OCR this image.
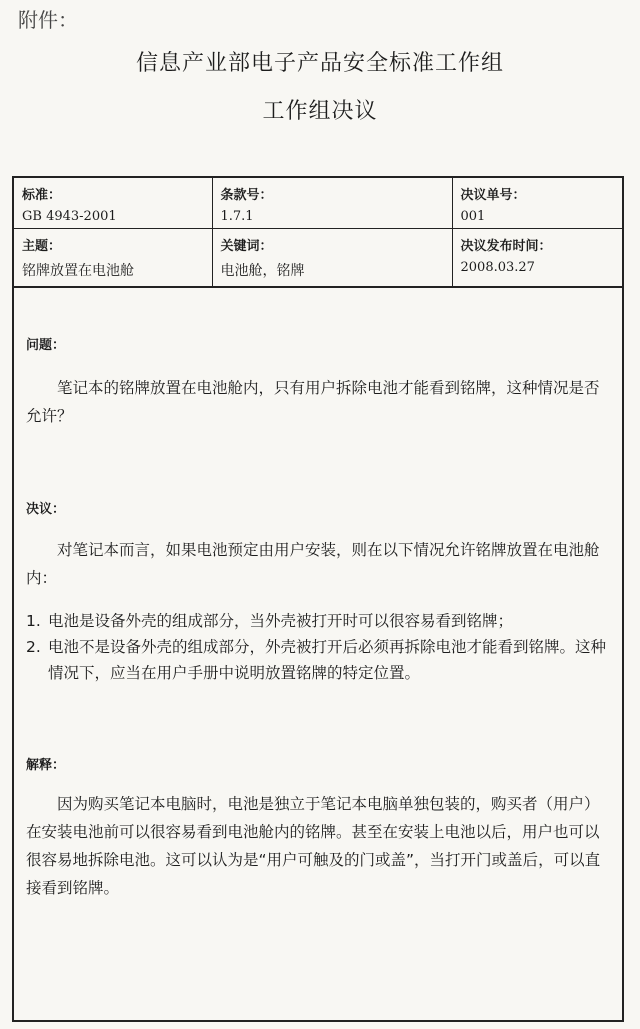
附件：
信息产业部电子产品安全标准工作组
工作组决议
标准：
GB 4943-2001	条款号：
1.7.1	决议单号：
001

主题：
铭牌放置在电池舱	关键词：
电池舱，铭牌	决议发布时间：
2008.03.27
问题：
笔记本的铭牌放置在电池舱内，只有用户拆除电池才能看到铭牌，这种情况是否允许？
决议：
对笔记本而言，如果电池预定由用户安装，则在以下情况允许铭牌放置在电池舱内：
1. 电池是设备外壳的组成部分，当外壳被打开时可以很容易看到铭牌；
2. 电池不是设备外壳的组成部分，外壳被打开后必须再拆除电池才能看到铭牌。这种情况下，应当在用户手册中说明放置铭牌的特定位置。
解释：
因为购买笔记本电脑时，电池是独立于笔记本电脑单独包装的，购买者（用户）在安装电池前可以很容易看到电池舱内的铭牌。甚至在安装上电池以后，用户也可以很容易地拆除电池。这可以认为是“用户可触及的门或盖”，当打开门或盖后，可以直接看到铭牌。
